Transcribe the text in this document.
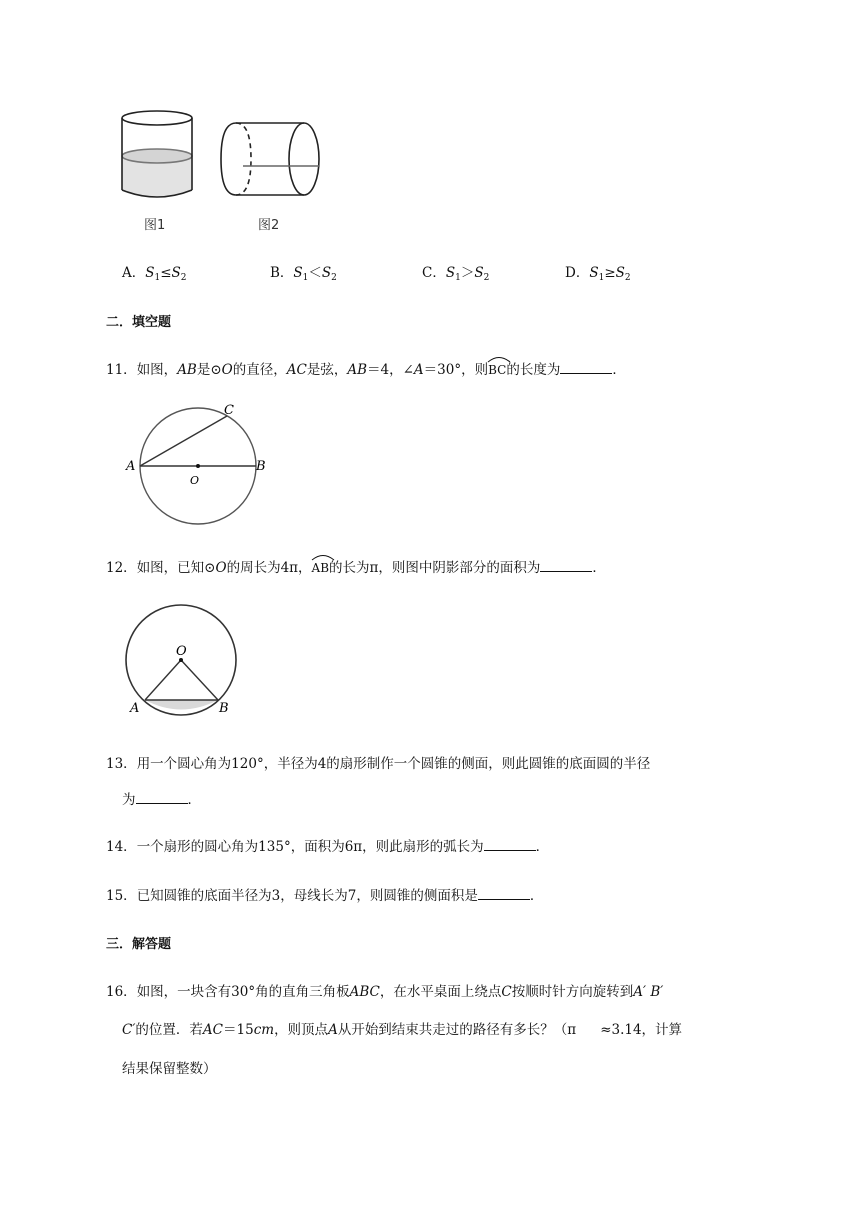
图1	图2
A．$S_1\le S_2$	B．$S_1<S_2$	C．$S_1>S_2$	D．$S_1\ge S_2$
二．填空题
11．如图，AB是⊙O的直径，AC是弦，AB＝4，∠A＝30°，则
BC的长度为	．
A	B
C
O
12．如图，已知⊙O的周长为4π，
AB的长为π，则图中阴影部分的面积为	．
O
A	B
13．用一个圆心角为120°，半径为4的扇形制作一个圆锥的侧面，则此圆锥的底面圆的半径
为	．
14．一个扇形的圆心角为135°，面积为6π，则此扇形的弧长为	．
15．已知圆锥的底面半径为3，母线长为7，则圆锥的侧面积是	．
三．解答题
16．如图，一块含有30°角的直角三角板ABC，在水平桌面上绕点C按顺时针方向旋转到A′ B′
C′的位置．若AC＝15cm，则顶点A从开始到结束共走过的路径有多长？（π ≈3.14，计算
结果保留整数）
